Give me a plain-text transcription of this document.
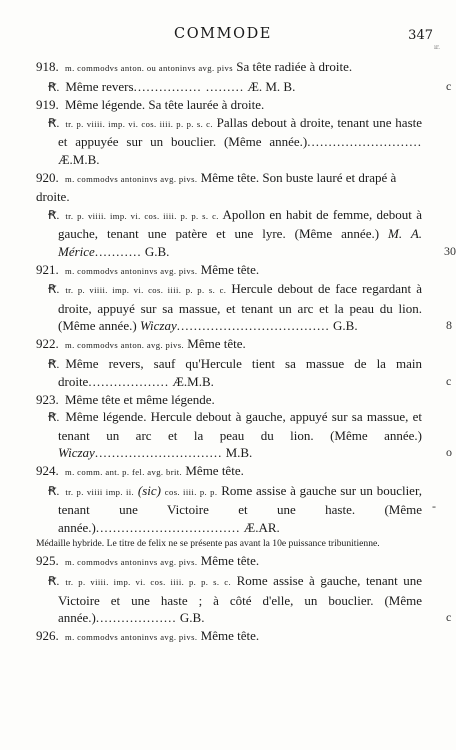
COMMODE	347
ır.
918. m. commodvs anton. ou antoninvs avg. pivs Sa tête radiée à droite.
Ꞧ. Même revers................ ......... Æ. M. B.	c
919. Même légende. Sa tête laurée à droite.
Ꞧ. tr. p. viiii. imp. vi. cos. iiii. p. p. s. c. Pallas debout à droite, tenant une haste et appuyée sur un bouclier. (Même année.)........................... Æ.M.B.
920. m. commodvs antoninvs avg. pivs. Même tête. Son buste lauré et drapé à droite.
Ꞧ. tr. p. viiii. imp. vi. cos. iiii. p. p. s. c. Apollon en habit de femme, debout à gauche, tenant une patère et une lyre. (Même année.) M. A. Mérice........... G.B.	30
921. m. commodvs antoninvs avg. pivs. Même tête.
Ꞧ. tr. p. viiii. imp. vi. cos. iiii. p. p. s. c. Hercule debout de face regardant à droite, appuyé sur sa massue, et tenant un arc et la peau du lion. (Même année.) Wiczay.................................... G.B.	8
922. m. commodvs anton. avg. pivs. Même tête.
Ꞧ. Même revers, sauf qu'Hercule tient sa massue de la main droite................... Æ.M.B.	c
923. Même tête et même légende.
Ꞧ. Même légende. Hercule debout à gauche, appuyé sur sa massue, et tenant un arc et la peau du lion. (Même année.) Wiczay.............................. M.B.	o
924. m. comm. ant. p. fel. avg. brit. Même tête.
Ꞧ. tr. p. viiii imp. ii. (sic) cos. iiii. p. p. Rome assise à gauche sur un bouclier, tenant une Victoire et une haste. (Même année.).................................. Æ.AR.
-
Médaille hybride. Le titre de felix ne se présente pas avant la 10e puissance tribunitienne.
925. m. commodvs antoninvs avg. pivs. Même tête.
Ꞧ. tr. p. viiii. imp. vi. cos. iiii. p. p. s. c. Rome assise à gauche, tenant une Victoire et une haste ; à côté d'elle, un bouclier. (Même année.)................... G.B.	c
926. m. commodvs antoninvs avg. pivs. Même tête.
